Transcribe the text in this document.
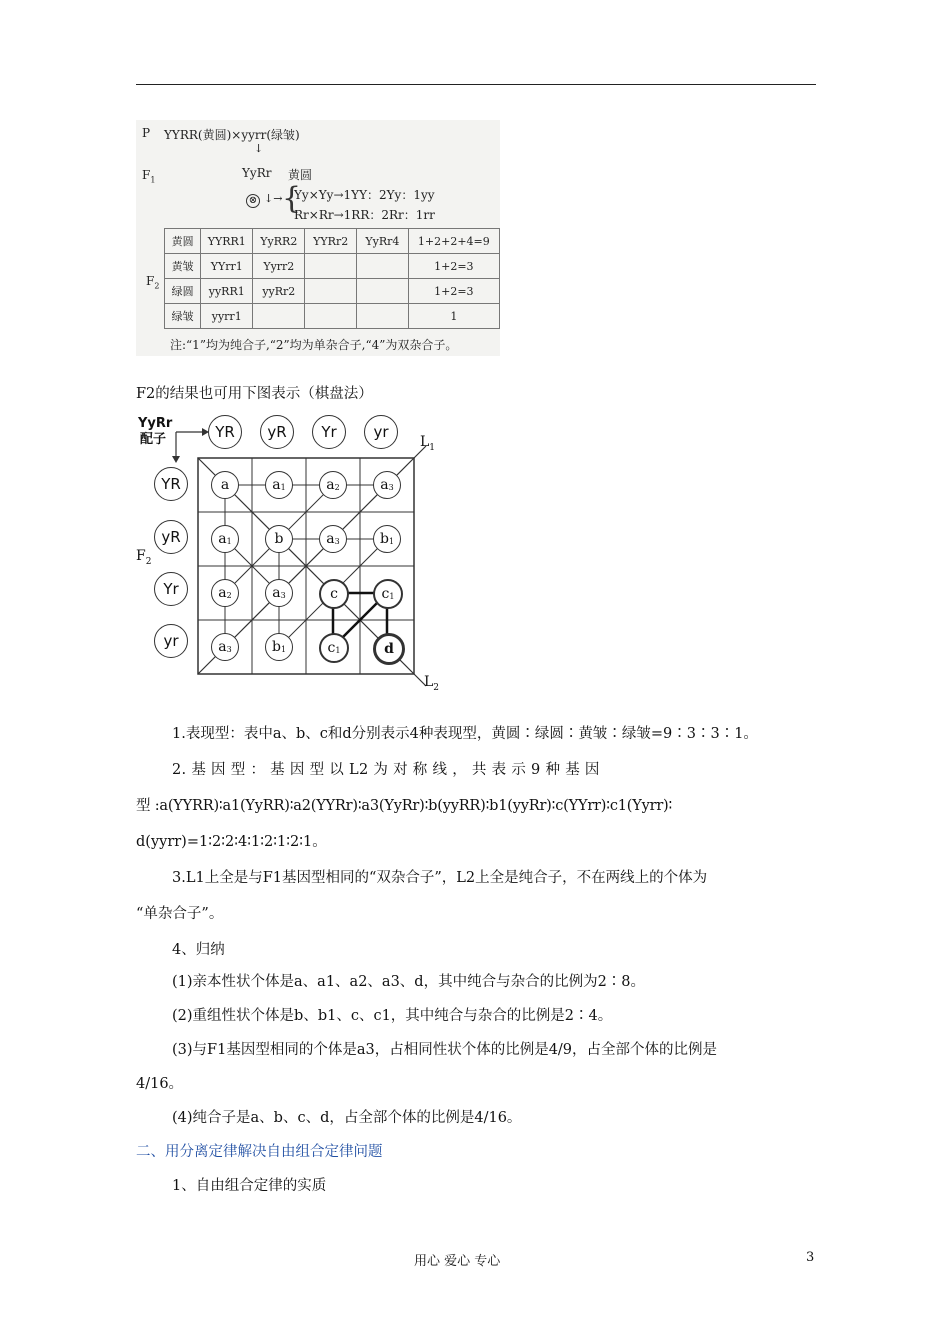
P YYRR(黄圆)×yyrr(绿皱)
↓
$F_1$	YyRr 黄圆
⊗ ↓→ {
Yy×Yy→1YY：2Yy：1yy
Rr×Rr→1RR：2Rr：1rr
$F_2$
黄圆	YYRR1	YyRR2	YYRr2	YyRr4	1+2+2+4=9
黄皱	YYrr1	Yyrr2			1+2=3
绿圆	yyRR1	yyRr2			1+2=3
绿皱	yyrr1				1
注:“1”均为纯合子,“2”均为单杂合子,“4”为双杂合子。
F2的结果也可用下图表示（棋盘法）
YyRr
配子	YR	yR	Yr	yr
YR
yR
Yr
yr
$F_2$
$L_1$
$L_2$
a	$a_1$	$a_2$	$a_3$
$a_1$	b	$a_3$	$b_1$
$a_2$	$a_3$	c	$c_1$
$a_3$	$b_1$	$c_1$	d
1.表现型：表中a、b、c和d分别表示4种表现型，黄圆∶绿圆∶黄皱∶绿皱=9∶3∶3∶1。
2. 基 因 型 ： 基 因 型 以 L2 为 对 称 线 ， 共 表 示 9 种 基 因
型 :a(YYRR)∶a1(YyRR)∶a2(YYRr)∶a3(YyRr)∶b(yyRR)∶b1(yyRr)∶c(YYrr)∶c1(Yyrr)∶
d(yyrr)=1∶2∶2∶4∶1∶2∶1∶2∶1。
3.L1上全是与F1基因型相同的“双杂合子”，L2上全是纯合子，不在两线上的个体为
“单杂合子”。
4、归纳
(1)亲本性状个体是a、a1、a2、a3、d，其中纯合与杂合的比例为2∶8。
(2)重组性状个体是b、b1、c、c1，其中纯合与杂合的比例是2∶4。
(3)与F1基因型相同的个体是a3，占相同性状个体的比例是4/9，占全部个体的比例是
4/16。
(4)纯合子是a、b、c、d，占全部个体的比例是4/16。
二、用分离定律解决自由组合定律问题
1、自由组合定律的实质
用心 爱心 专心	3
